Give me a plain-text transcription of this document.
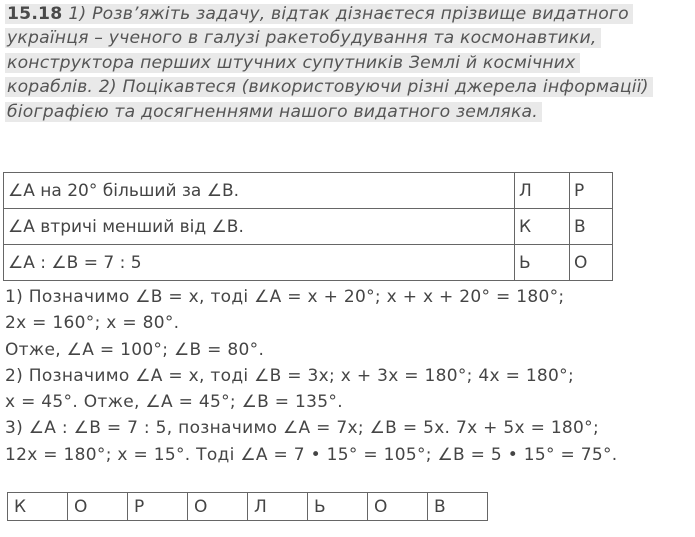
15.18 1) Розв’яжіть задачу, відтак дізнаєтеся прізвище видатного
українця – ученого в галузі ракетобудування та космонавтики,
конструктора перших штучних супутників Землі й космічних
кораблів. 2) Поцікавтеся (використовуючи різні джерела інформації)
біографією та досягненнями нашого видатного земляка.
∠A на 20° більший за ∠B.	Л	Р
∠A втричі менший від ∠B.	К	В
∠A : ∠B = 7 : 5	Ь	О
1) Позначимо ∠B = x, тоді ∠A = x + 20°; x + x + 20° = 180°;
2x = 160°; x = 80°.
Отже, ∠A = 100°; ∠B = 80°.
2) Позначимо ∠A = x, тоді ∠B = 3x; x + 3x = 180°; 4x = 180°;
x = 45°. Отже, ∠A = 45°; ∠B = 135°.
3) ∠A : ∠B = 7 : 5, позначимо ∠A = 7x; ∠B = 5x. 7x + 5x = 180°;
12x = 180°; x = 15°. Тоді ∠A = 7 • 15° = 105°; ∠B = 5 • 15° = 75°.
К	О	Р	О	Л	Ь	О	В
